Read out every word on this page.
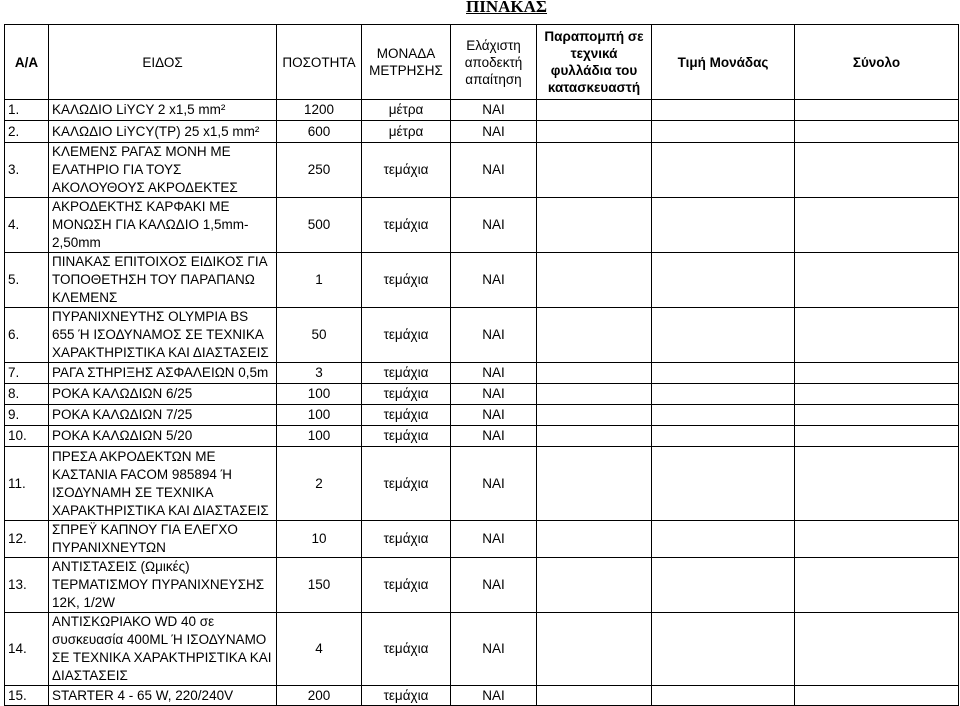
ΠΙΝΑΚΑΣ
Α/Α	ΕΙΔΟΣ	ΠΟΣΟΤΗΤΑ	ΜΟΝΑΔΑ ΜΕΤΡΗΣΗΣ	Ελάχιστη αποδεκτή απαίτηση	Παραπομπή σε τεχνικά φυλλάδια του κατασκευαστή	Τιμή Μονάδας	Σύνολο
1.	ΚΑΛΩΔΙΟ LiYCY 2 x1,5 mm²	1200	μέτρα	ΝΑΙ			
2.	ΚΑΛΩΔΙΟ LiYCY(TP) 25 x1,5 mm²	600	μέτρα	ΝΑΙ			
3.	ΚΛΕΜΕΝΣ ΡΑΓΑΣ ΜΟΝΗ ΜΕ ΕΛΑΤΗΡΙΟ ΓΙΑ ΤΟΥΣ ΑΚΟΛΟΥΘΟΥΣ ΑΚΡΟΔΕΚΤΕΣ	250	τεμάχια	ΝΑΙ			
4.	ΑΚΡΟΔΕΚΤΗΣ ΚΑΡΦΑΚΙ ΜΕ ΜΟΝΩΣΗ ΓΙΑ ΚΑΛΩΔΙΟ 1,5mm-2,50mm	500	τεμάχια	ΝΑΙ			
5.	ΠΙΝΑΚΑΣ ΕΠΙΤΟΙΧΟΣ ΕΙΔΙΚΟΣ ΓΙΑ ΤΟΠΟΘΕΤΗΣΗ ΤΟΥ ΠΑΡΑΠΑΝΩ ΚΛΕΜΕΝΣ	1	τεμάχια	ΝΑΙ			
6.	ΠΥΡΑΝΙΧΝΕΥΤΗΣ OLYMPIA BS 655 Ή ΙΣΟΔΥΝΑΜΟΣ ΣΕ ΤΕΧΝΙΚΑ ΧΑΡΑΚΤΗΡΙΣΤΙΚΑ ΚΑΙ ΔΙΑΣΤΑΣΕΙΣ	50	τεμάχια	ΝΑΙ			
7.	ΡΑΓΑ ΣΤΗΡΙΞΗΣ ΑΣΦΑΛΕΙΩΝ 0,5m	3	τεμάχια	ΝΑΙ			
8.	ΡΟΚΑ ΚΑΛΩΔΙΩΝ 6/25	100	τεμάχια	ΝΑΙ			
9.	ΡΟΚΑ ΚΑΛΩΔΙΩΝ 7/25	100	τεμάχια	ΝΑΙ			
10.	ΡΟΚΑ ΚΑΛΩΔΙΩΝ 5/20	100	τεμάχια	ΝΑΙ			
11.	ΠΡΕΣΑ ΑΚΡΟΔΕΚΤΩΝ ΜΕ ΚΑΣΤΑΝΙΑ FACOM 985894 Ή ΙΣΟΔΥΝΑΜΗ ΣΕ ΤΕΧΝΙΚΑ ΧΑΡΑΚΤΗΡΙΣΤΙΚΑ ΚΑΙ ΔΙΑΣΤΑΣΕΙΣ	2	τεμάχια	ΝΑΙ			
12.	ΣΠΡΕΫ ΚΑΠΝΟΥ ΓΙΑ ΕΛΕΓΧΟ ΠΥΡΑΝΙΧΝΕΥΤΩΝ	10	τεμάχια	ΝΑΙ			
13.	ΑΝΤΙΣΤΑΣΕΙΣ (Ωμικές) ΤΕΡΜΑΤΙΣΜΟΥ ΠΥΡΑΝΙΧΝΕΥΣΗΣ 12Κ, 1/2W	150	τεμάχια	ΝΑΙ			
14.	ΑΝΤΙΣΚΩΡΙΑΚΟ WD 40 σε συσκευασία 400ML Ή ΙΣΟΔΥΝΑΜΟ ΣΕ ΤΕΧΝΙΚΑ ΧΑΡΑΚΤΗΡΙΣΤΙΚΑ ΚΑΙ ΔΙΑΣΤΑΣΕΙΣ	4	τεμάχια	ΝΑΙ			
15.	STARTER 4 - 65 W, 220/240V	200	τεμάχια	ΝΑΙ			
